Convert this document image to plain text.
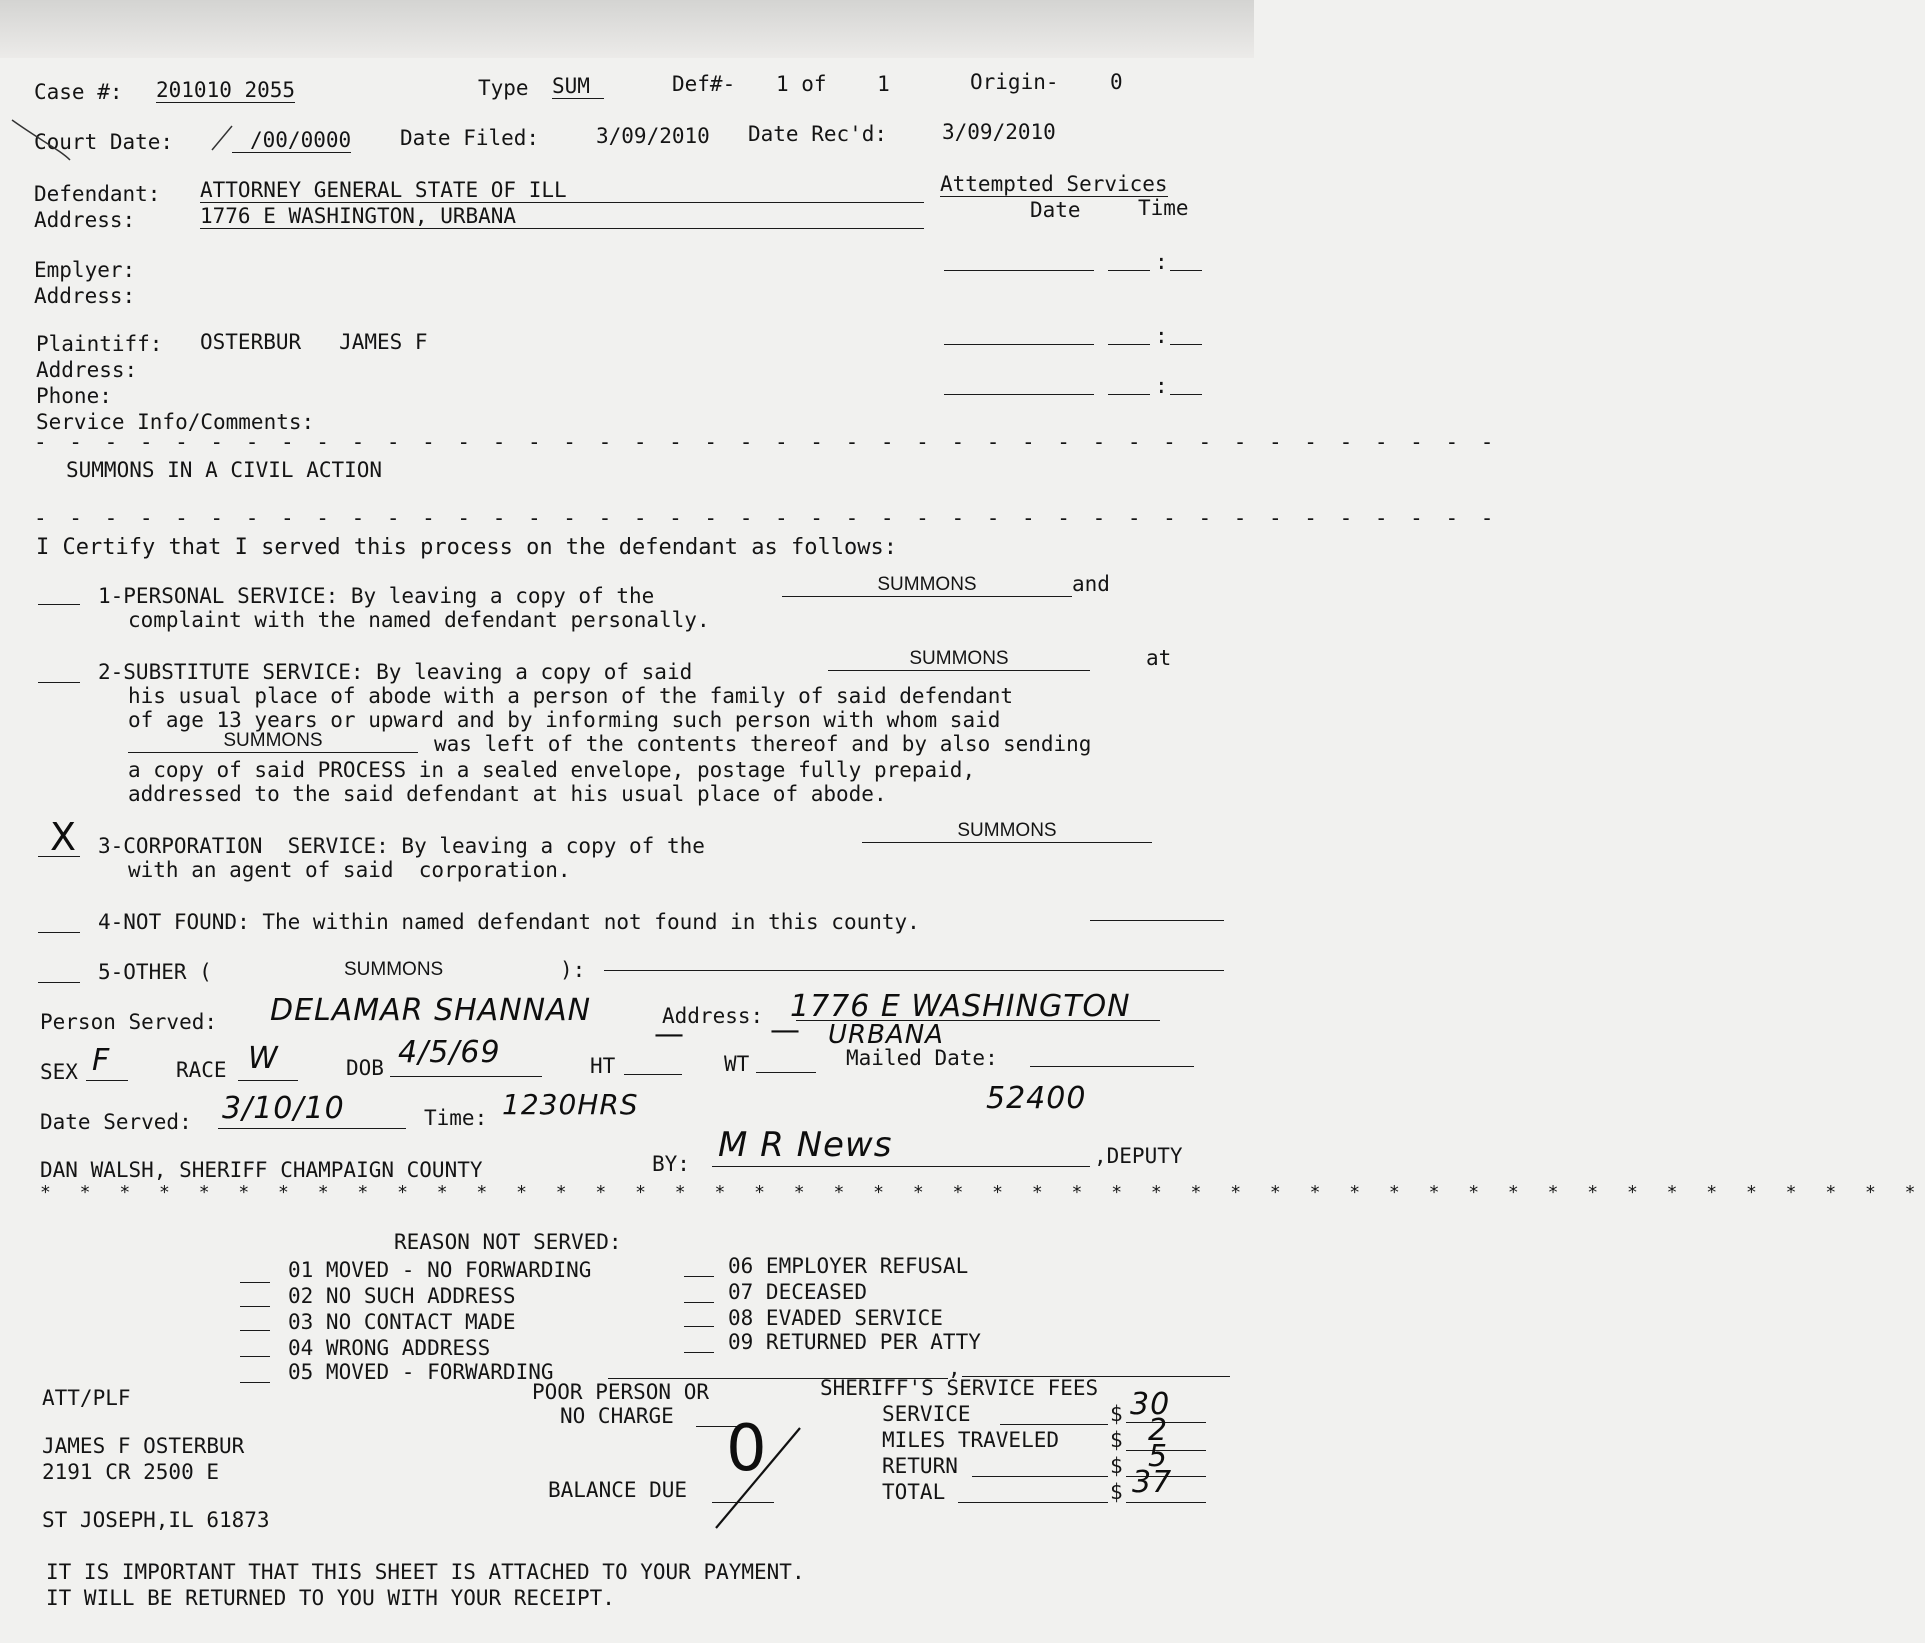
Case #: 201010 2055	Type SUM	Def#- 1 of    1	Origin- 0
Court Date:	/00/0000 Date Filed:	3/09/2010 Date Rec'd:	3/09/2010
Defendant: ATTORNEY GENERAL STATE OF ILL
Address:	1776 E WASHINGTON, URBANA
Attempted Services
Date	Time
Emplyer:
Address:
:
:
:
Plaintiff: OSTERBUR   JAMES F
Address:
Phone:
Service Info/Comments:
- - - - - - - - - - - - - - - - - - - - - - - - - - - - - - - - - - - - - - - - - -
SUMMONS IN A CIVIL ACTION
- - - - - - - - - - - - - - - - - - - - - - - - - - - - - - - - - - - - - - - - - -
I Certify that I served this process on the defendant as follows:
1-PERSONAL SERVICE: By leaving a copy of the	SUMMONS	and
complaint with the named defendant personally.
2-SUBSTITUTE SERVICE: By leaving a copy of said
SUMMONS	at
his usual place of abode with a person of the family of said defendant
of age 13 years or upward and by informing such person with whom said
SUMMONS	was left of the contents thereof and by also sending
a copy of said PROCESS in a sealed envelope, postage fully prepaid,
addressed to the said defendant at his usual place of abode.
X 3-CORPORATION  SERVICE: By leaving a copy of the
SUMMONS
with an agent of said  corporation.
4-NOT FOUND: The within named defendant not found in this county.
5-OTHER (	SUMMONS	):
Person Served: DELAMAR SHANNAN	Address: 1776 E WASHINGTON
URBANA
SEX F	RACE W	DOB 4/5/69	HT
—
WT
—
Mailed Date:
Date Served: 3/10/10	Time: 1230HRS	52400
DAN WALSH, SHERIFF CHAMPAIGN COUNTY	BY: M R News	,DEPUTY
* * * * * * * * * * * * * * * * * * * * * * * * * * * * * * * * * * * * * * * * * * * * * * * *
REASON NOT SERVED:
01 MOVED - NO FORWARDING
02 NO SUCH ADDRESS
03 NO CONTACT MADE
04 WRONG ADDRESS
05 MOVED - FORWARDING	,
06 EMPLOYER REFUSAL
07 DECEASED
08 EVADED SERVICE
09 RETURNED PER ATTY
ATT/PLF
JAMES F OSTERBUR
2191 CR 2500 E
ST JOSEPH,IL 61873
POOR PERSON OR
NO CHARGE
BALANCE DUE
0
SHERIFF'S SERVICE FEES
SERVICE	$ 30
MILES TRAVELED $ 2
RETURN	$ 5
TOTAL	$ 37
IT IS IMPORTANT THAT THIS SHEET IS ATTACHED TO YOUR PAYMENT.
IT WILL BE RETURNED TO YOU WITH YOUR RECEIPT.
